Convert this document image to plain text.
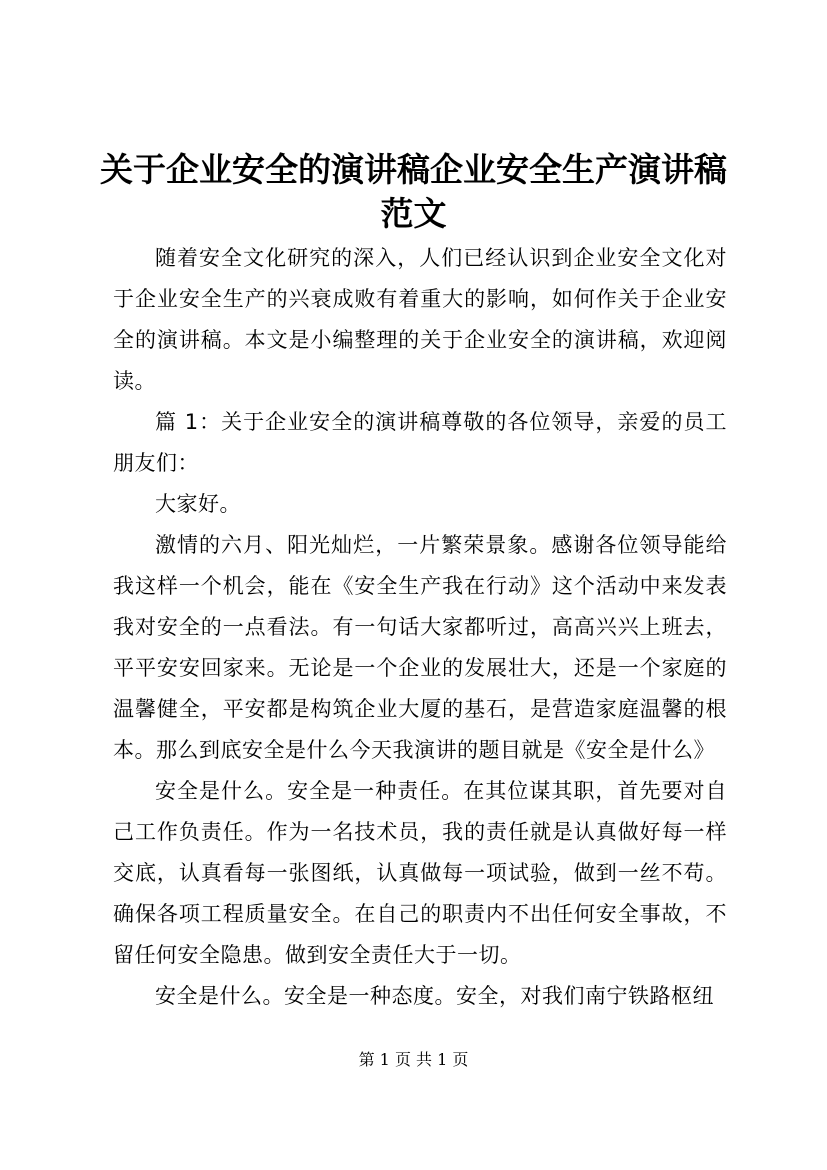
关于企业安全的演讲稿企业安全生产演讲稿范文

随着安全文化研究的深入，人们已经认识到企业安全文化对于企业安全生产的兴衰成败有着重大的影响，如何作关于企业安全的演讲稿。本文是小编整理的关于企业安全的演讲稿，欢迎阅读。

篇 1：关于企业安全的演讲稿尊敬的各位领导，亲爱的员工朋友们：

大家好。

激情的六月、阳光灿烂，一片繁荣景象。感谢各位领导能给我这样一个机会，能在《安全生产我在行动》这个活动中来发表我对安全的一点看法。有一句话大家都听过，高高兴兴上班去，平平安安回家来。无论是一个企业的发展壮大，还是一个家庭的温馨健全，平安都是构筑企业大厦的基石，是营造家庭温馨的根本。那么到底安全是什么今天我演讲的题目就是《安全是什么》

安全是什么。安全是一种责任。在其位谋其职，首先要对自己工作负责任。作为一名技术员，我的责任就是认真做好每一样交底，认真看每一张图纸，认真做每一项试验，做到一丝不苟。确保各项工程质量安全。在自己的职责内不出任何安全事故，不留任何安全隐患。做到安全责任大于一切。

安全是什么。安全是一种态度。安全，对我们南宁铁路枢纽

第 1 页 共 1 页
